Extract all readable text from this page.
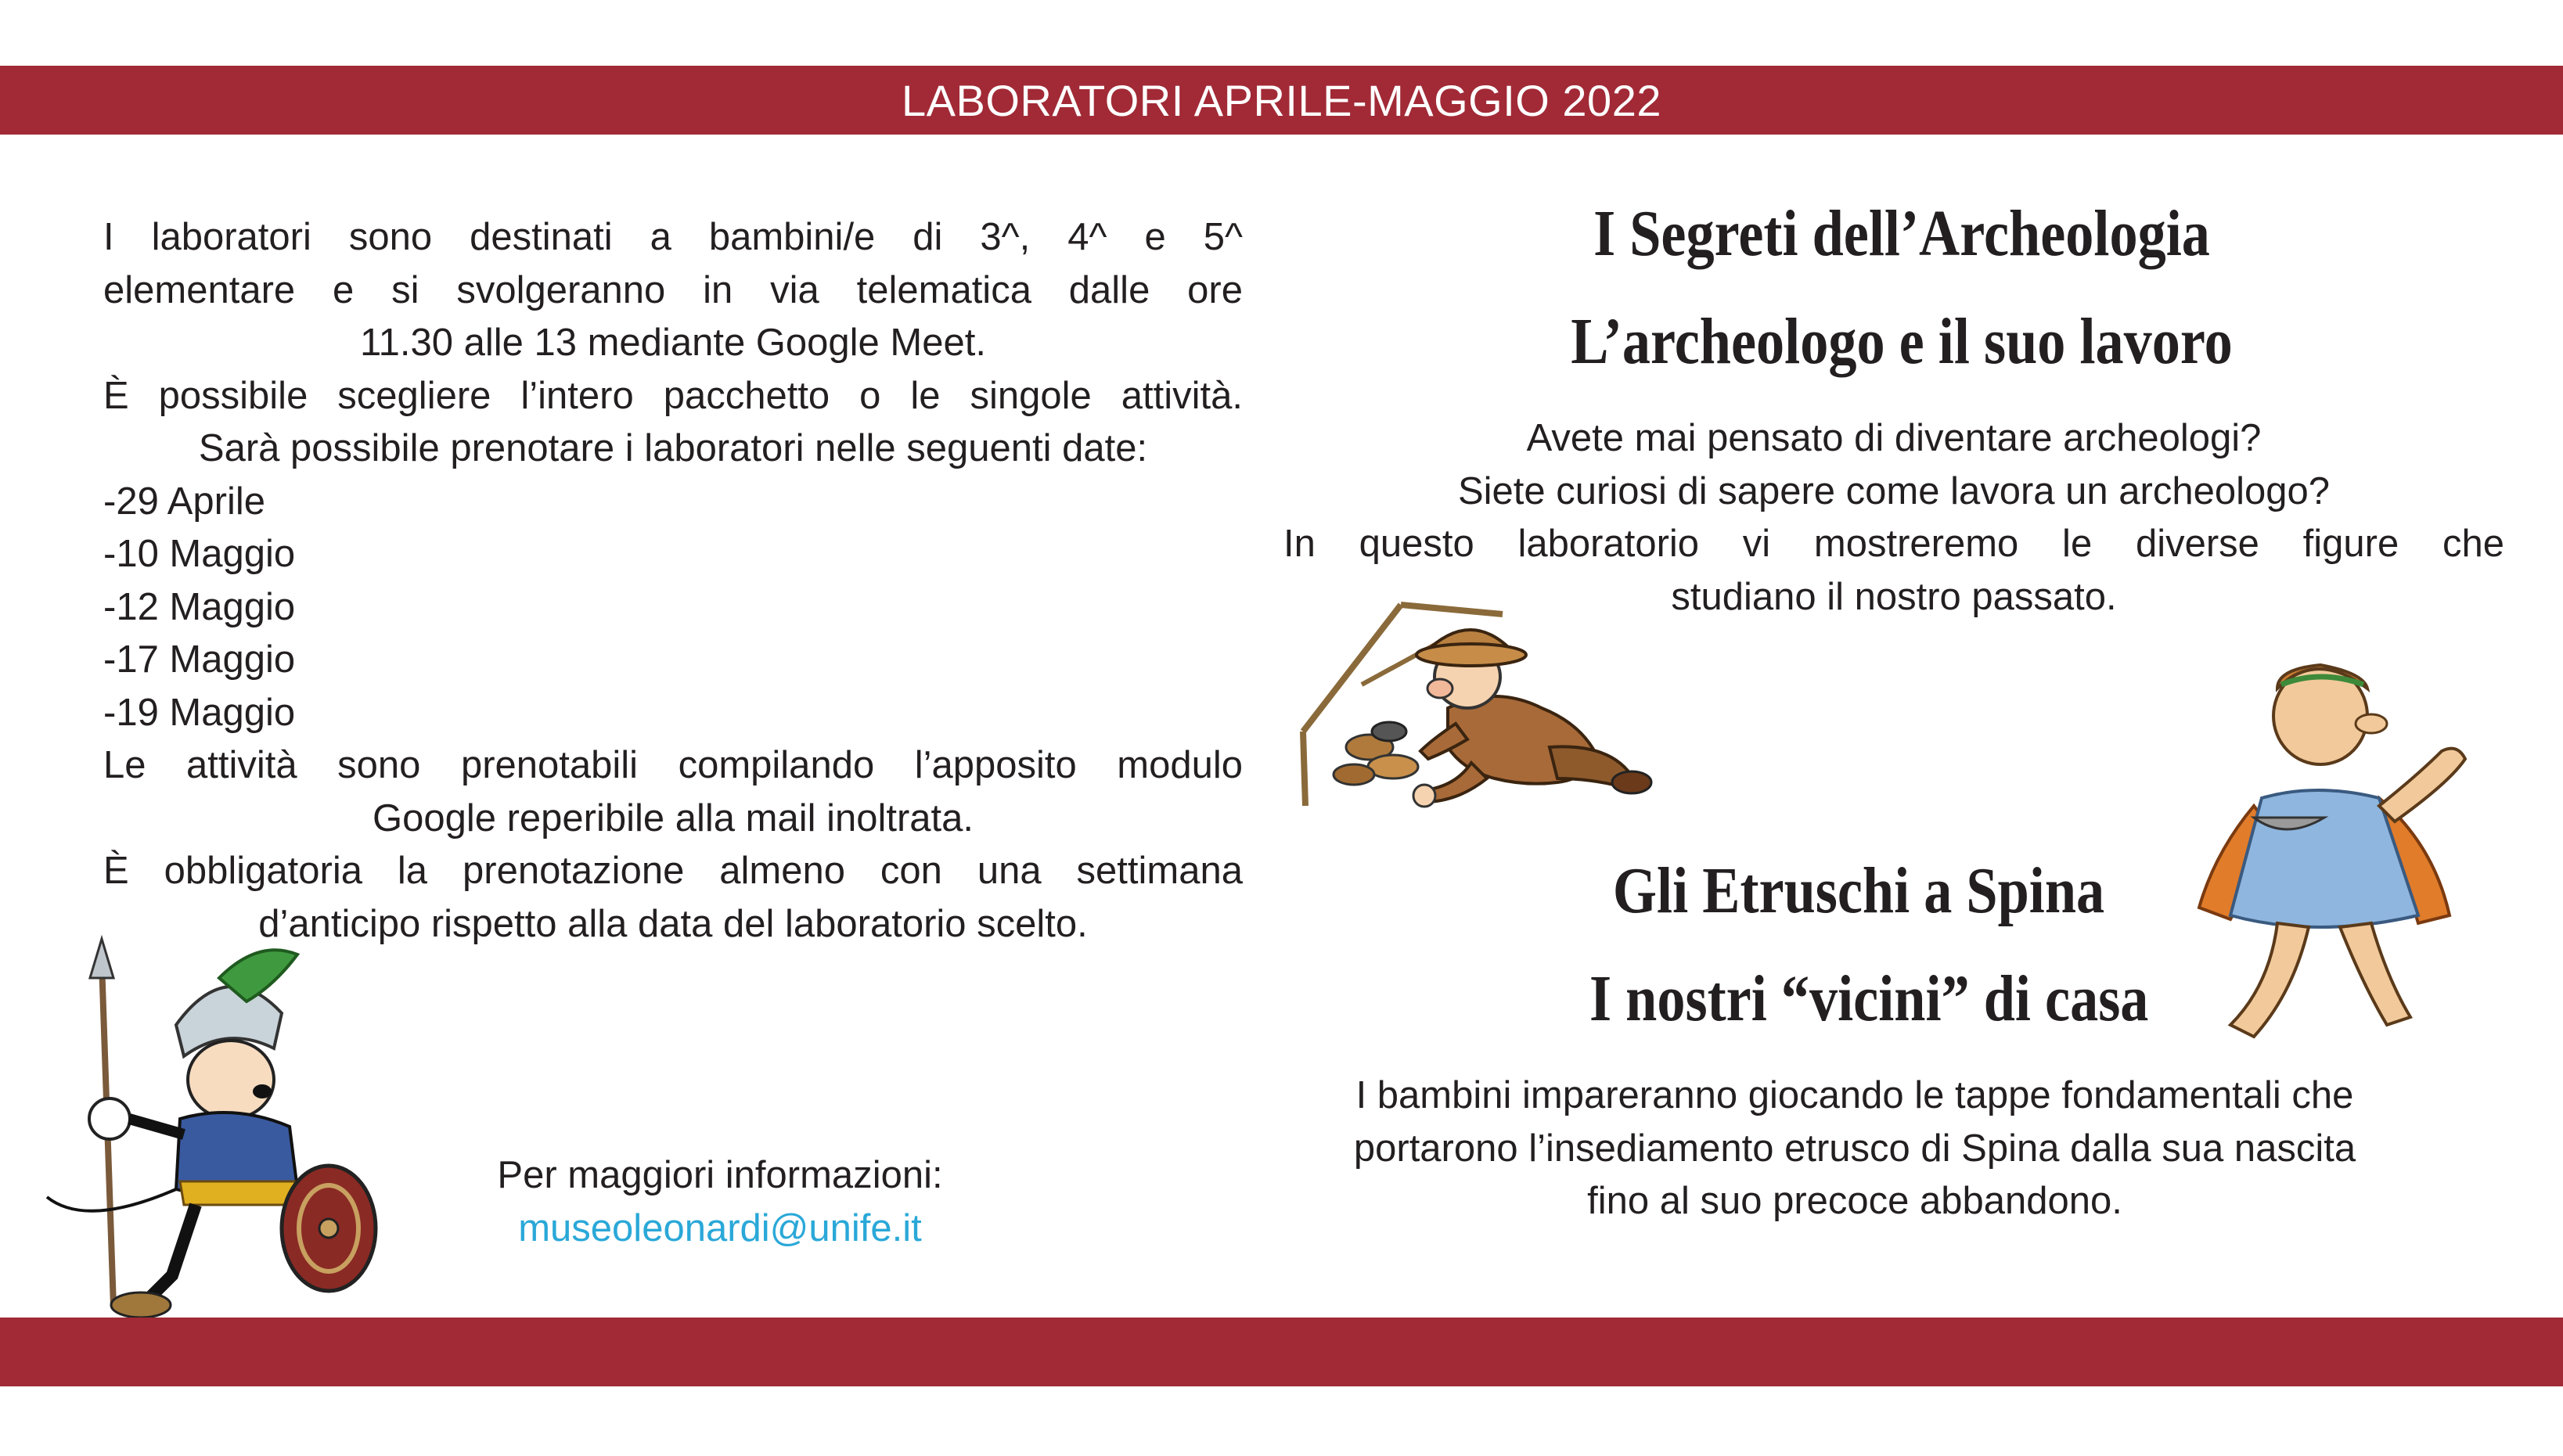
LABORATORI APRILE-MAGGIO 2022

I laboratori sono destinati a bambini/e di 3^, 4^ e 5^

elementare e si svolgeranno in via telematica dalle ore

11.30 alle 13 mediante Google Meet.

È possibile scegliere l’intero pacchetto o le singole attività.

Sarà possibile prenotare i laboratori nelle seguenti date:

-29 Aprile

-10 Maggio

-12 Maggio

-17 Maggio

-19 Maggio

Le attività sono prenotabili compilando l’apposito modulo

Google reperibile alla mail inoltrata.

È obbligatoria la prenotazione almeno con una settimana

d’anticipo rispetto alla data del laboratorio scelto.

Per maggiori informazioni:
museoleonardi@unife.it
I Segreti dell’Archeologia
L’archeologo e il suo lavoro

Avete mai pensato di diventare archeologi?

Siete curiosi di sapere come lavora un archeologo?

In questo laboratorio vi mostreremo le diverse figure che

studiano il nostro passato.

Gli Etruschi a Spina
I nostri “vicini” di casa

I bambini impareranno giocando le tappe fondamentali che

portarono l’insediamento etrusco di Spina dalla sua nascita

fino al suo precoce abbandono.
